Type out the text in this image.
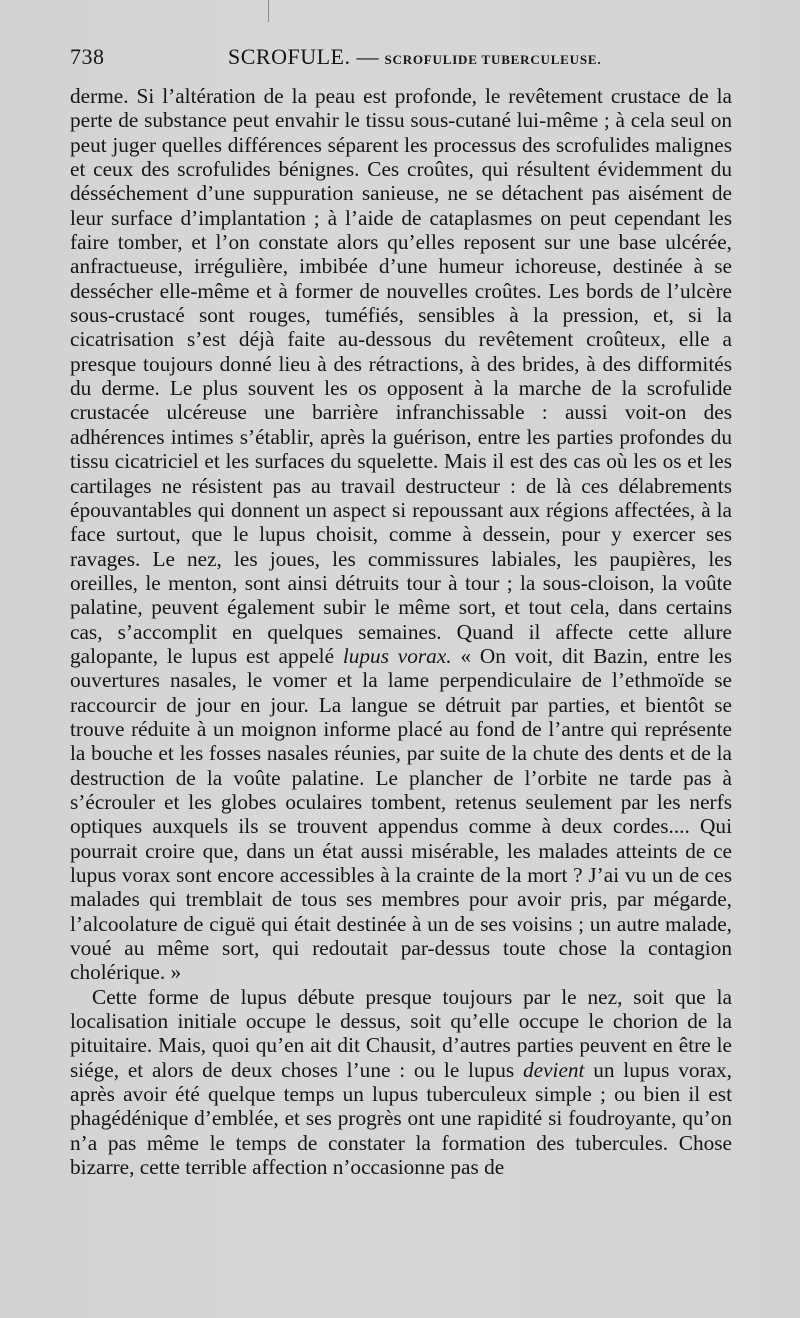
738	SCROFULE. — SCROFULIDE TUBERCULEUSE.

derme. Si l’altération de la peau est profonde, le revêtement crustace de la perte de substance peut envahir le tissu sous-cutané lui-même ; à cela seul on peut juger quelles différences séparent les processus des scrofulides malignes et ceux des scrofulides bénignes. Ces croûtes, qui résultent évidemment du désséchement d’une suppuration sanieuse, ne se détachent pas aisément de leur surface d’implantation ; à l’aide de cataplasmes on peut cependant les faire tomber, et l’on constate alors qu’elles reposent sur une base ulcérée, anfractueuse, irrégulière, imbibée d’une humeur ichoreuse, destinée à se dessécher elle-même et à former de nouvelles croûtes. Les bords de l’ulcère sous-crustacé sont rouges, tuméfiés, sensibles à la pression, et, si la cicatrisation s’est déjà faite au-dessous du revêtement croûteux, elle a presque toujours donné lieu à des rétractions, à des brides, à des difformités du derme. Le plus souvent les os opposent à la marche de la scrofulide crustacée ulcéreuse une barrière infranchissable : aussi voit-on des adhérences intimes s’établir, après la guérison, entre les parties profondes du tissu cicatriciel et les surfaces du squelette. Mais il est des cas où les os et les cartilages ne résistent pas au travail destructeur : de là ces délabrements épouvantables qui donnent un aspect si repoussant aux régions affectées, à la face surtout, que le lupus choisit, comme à dessein, pour y exercer ses ravages. Le nez, les joues, les commissures labiales, les paupières, les oreilles, le menton, sont ainsi détruits tour à tour ; la sous-cloison, la voûte palatine, peuvent également subir le même sort, et tout cela, dans certains cas, s’accomplit en quelques semaines. Quand il affecte cette allure galopante, le lupus est appelé lupus vorax. « On voit, dit Bazin, entre les ouvertures nasales, le vomer et la lame perpendiculaire de l’ethmoïde se raccourcir de jour en jour. La langue se détruit par parties, et bientôt se trouve réduite à un moignon informe placé au fond de l’antre qui représente la bouche et les fosses nasales réunies, par suite de la chute des dents et de la destruction de la voûte palatine. Le plancher de l’orbite ne tarde pas à s’écrouler et les globes oculaires tombent, retenus seulement par les nerfs optiques auxquels ils se trouvent appendus comme à deux cordes.... Qui pourrait croire que, dans un état aussi misérable, les malades atteints de ce lupus vorax sont encore accessibles à la crainte de la mort ? J’ai vu un de ces malades qui tremblait de tous ses membres pour avoir pris, par mégarde, l’alcoolature de ciguë qui était destinée à un de ses voisins ; un autre malade, voué au même sort, qui redoutait par-dessus toute chose la contagion cholérique. »

Cette forme de lupus débute presque toujours par le nez, soit que la localisation initiale occupe le dessus, soit qu’elle occupe le chorion de la pituitaire. Mais, quoi qu’en ait dit Chausit, d’autres parties peuvent en être le siége, et alors de deux choses l’une : ou le lupus devient un lupus vorax, après avoir été quelque temps un lupus tuberculeux simple ; ou bien il est phagédénique d’emblée, et ses progrès ont une rapidité si foudroyante, qu’on n’a pas même le temps de constater la formation des tubercules. Chose bizarre, cette terrible affection n’occasionne pas de
